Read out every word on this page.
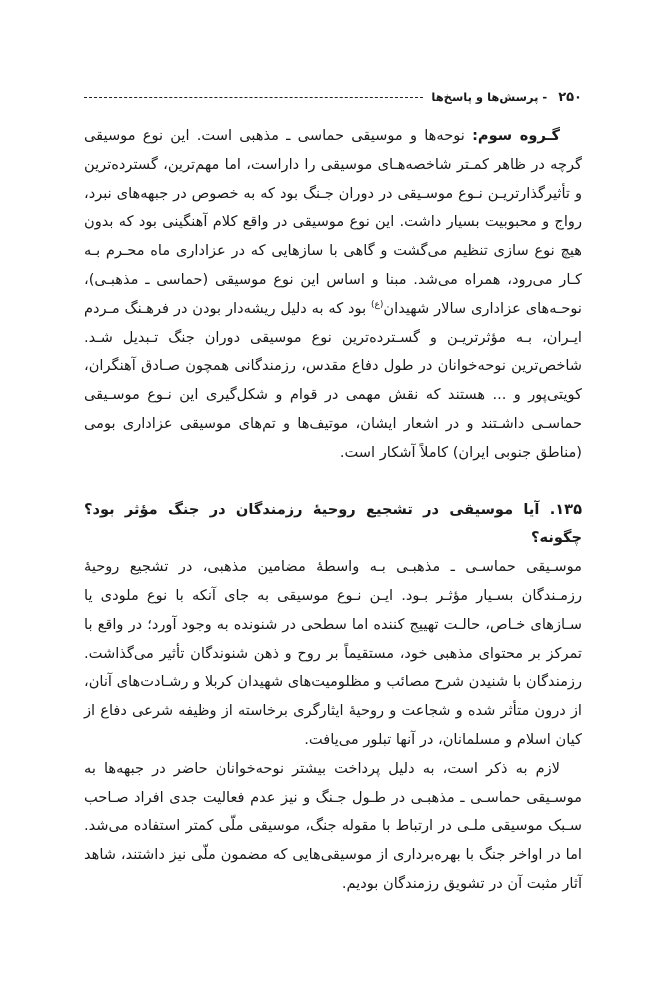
۲۵۰
-
پرسش‌ها و پاسخ‌ها

گـروه سوم: نوحه‌ها و موسیقی حماسی ـ مذهبی است. این نوع موسیقی گرچه در ظاهر کمـتر شاخصه‌هـای موسیقی را داراست، اما مهم‌ترین، گسترده‌ترین و تأثیرگذارتریـن نـوع موسـیقی در دوران جـنگ بود که به خصوص در جبهه‌های نبرد، رواج و محبوبیت بسیار داشت. این نوع موسیقی در واقع کلام آهنگینی بود که بدون هیچ نوع سازی تنظیم می‌گشت و گاهی با سازهایی که در عزاداری ماه محـرم بـه کـار می‌رود، همراه می‌شد. مبنا و اساس این نوع موسیقی (حماسی ـ مذهبـی)، نوحـه‌های عزاداری سالار شهیدان$^{(ع)}$ بود که به دلیل ریشه‌دار بودن در فرهـنگ مـردم ایـران، بـه مؤثرتریـن و گسـترده‌ترین نوع موسیقی دوران جنگ تـبدیل شـد. شاخص‌ترین نوحه‌خوانان در طول دفاع مقدس، رزمندگانی همچون صـادق آهنگران، کویتی‌پور و ... هستند که نقش مهمی در قوام و شکل‌گیری این نـوع موسـیقی حماسـی داشـتند و در اشعار ایشان، موتیف‌ها و تم‌های موسیقی عزاداری بومی (مناطق جنوبی ایران) کاملاً آشکار است.

۱۳۵. آیا موسیقی در تشجیع روحیهٔ رزمندگان در جنگ مؤثر بود؟ چگونه؟

موسـیقی حماسـی ـ مذهبـی بـه واسطهٔ مضامین مذهبی، در تشجیع روحیهٔ رزمـندگان بسـیار مؤثـر بـود. ایـن نـوع موسیقی به جای آنکه با نوع ملودی یا سـازهای خـاص، حالـت تهییج کننده اما سطحی در شنونده به وجود آورد؛ در واقع با تمرکز بر محتوای مذهبی خود، مستقیماً بر روح و ذهن شنوندگان تأثیر می‌گذاشت. رزمندگان با شنیدن شرح مصائب و مظلومیت‌های شهیدان کربلا و رشـادت‌های آنان، از درون متأثر شده و شجاعت و روحیهٔ ایثارگری برخاسته از وظیفه شرعی دفاع از کیان اسلام و مسلمانان، در آنها تبلور می‌یافت.

لازم به ذکر است، به دلیل پرداخت بیشتر نوحه‌خوانان حاضر در جبهه‌ها به موسـیقی حماسـی ـ مذهبـی در طـول جـنگ و نیز عدم فعالیت جدی افراد صـاحب سـبک موسیقی ملـی در ارتباط با مقوله جنگ، موسیقی ملّی کمتر استفاده می‌شد. اما در اواخر جنگ با بهره‌برداری از موسیقی‌هایی که مضمون ملّی نیز داشتند، شاهد آثار مثبت آن در تشویق رزمندگان بودیم.
